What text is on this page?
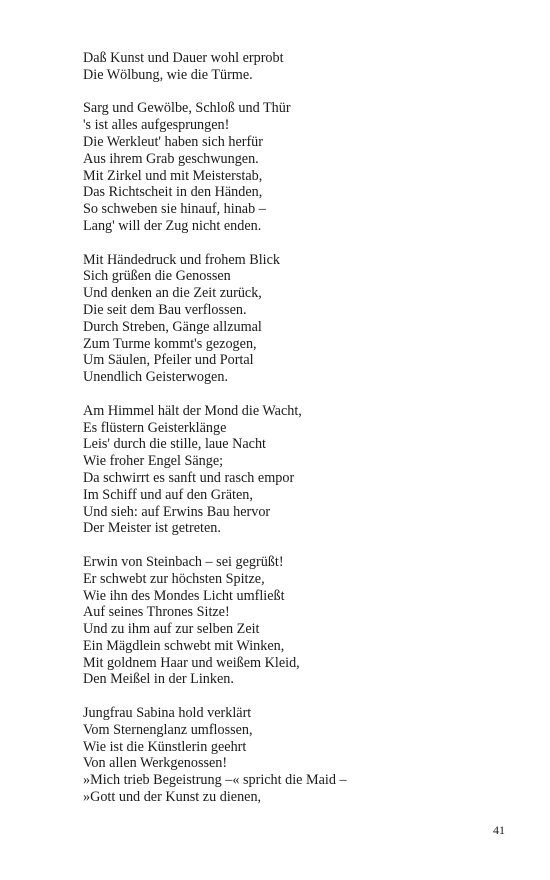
Daß Kunst und Dauer wohl erprobt
Die Wölbung, wie die Türme.
Sarg und Gewölbe, Schloß und Thür
's ist alles aufgesprungen!
Die Werkleut' haben sich herfür
Aus ihrem Grab geschwungen.
Mit Zirkel und mit Meisterstab,
Das Richtscheit in den Händen,
So schweben sie hinauf, hinab –
Lang' will der Zug nicht enden.
Mit Händedruck und frohem Blick
Sich grüßen die Genossen
Und denken an die Zeit zurück,
Die seit dem Bau verflossen.
Durch Streben, Gänge allzumal
Zum Turme kommt's gezogen,
Um Säulen, Pfeiler und Portal
Unendlich Geisterwogen.
Am Himmel hält der Mond die Wacht,
Es flüstern Geisterklänge
Leis' durch die stille, laue Nacht
Wie froher Engel Sänge;
Da schwirrt es sanft und rasch empor
Im Schiff und auf den Gräten,
Und sieh: auf Erwins Bau hervor
Der Meister ist getreten.
Erwin von Steinbach – sei gegrüßt!
Er schwebt zur höchsten Spitze,
Wie ihn des Mondes Licht umfließt
Auf seines Thrones Sitze!
Und zu ihm auf zur selben Zeit
Ein Mägdlein schwebt mit Winken,
Mit goldnem Haar und weißem Kleid,
Den Meißel in der Linken.
Jungfrau Sabina hold verklärt
Vom Sternenglanz umflossen,
Wie ist die Künstlerin geehrt
Von allen Werkgenossen!
»Mich trieb Begeistrung –« spricht die Maid –
»Gott und der Kunst zu dienen,
41
